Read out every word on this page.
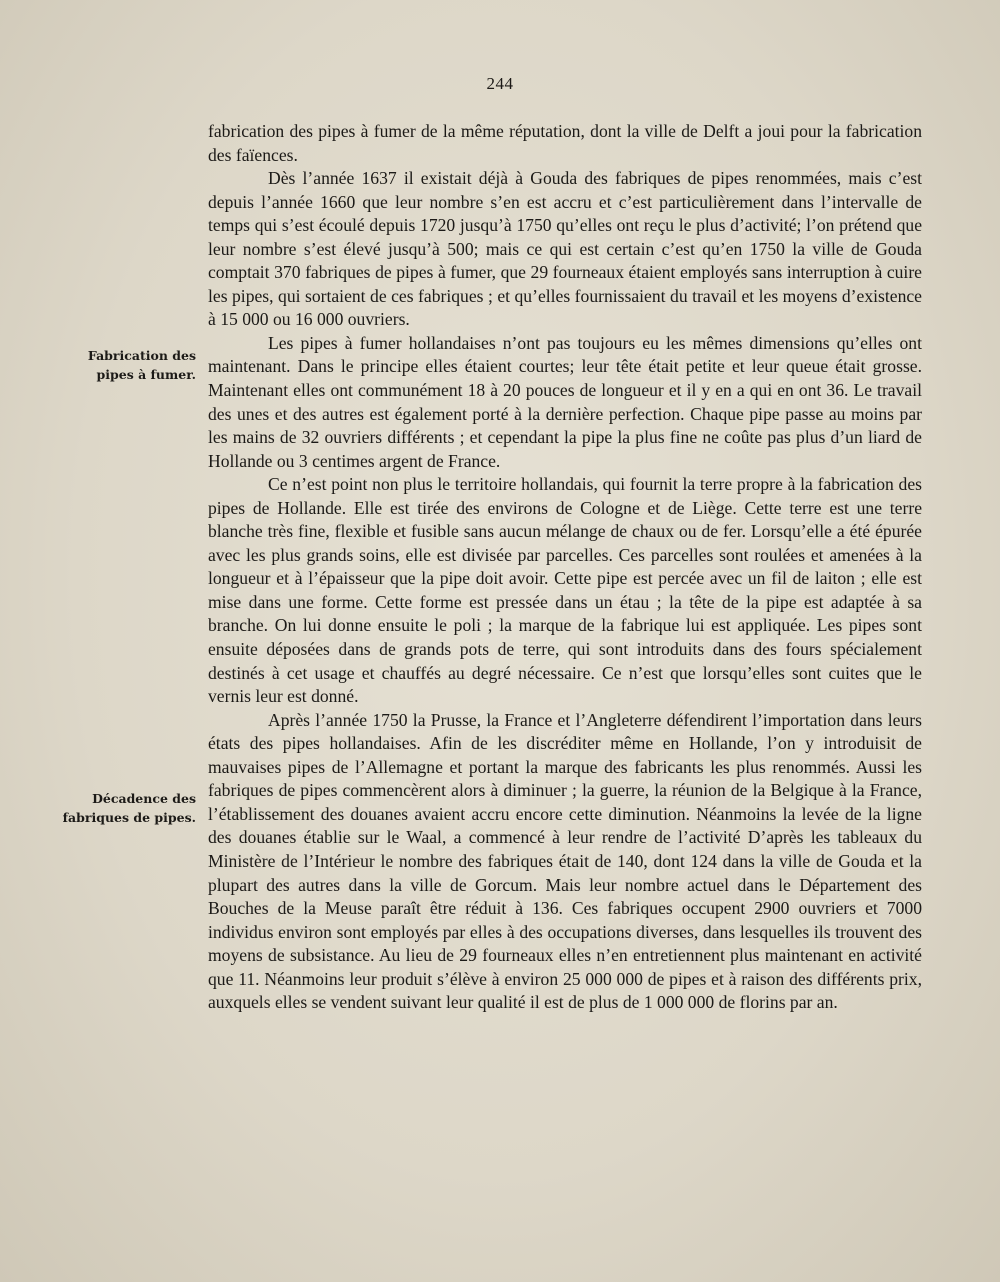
244
Fabrication des
pipes à fumer.
Décadence des
fabriques de pipes.

fabrication des pipes à fumer de la même réputation, dont la ville de Delft a joui pour la fabrication des faïences.

Dès l’année 1637 il existait déjà à Gouda des fabriques de pipes renommées, mais c’est depuis l’année 1660 que leur nombre s’en est accru et c’est particulièrement dans l’intervalle de temps qui s’est écoulé depuis 1720 jusqu’à 1750 qu’elles ont reçu le plus d’activité; l’on prétend que leur nombre s’est élevé jusqu’à 500; mais ce qui est certain c’est qu’en 1750 la ville de Gouda comptait 370 fabriques de pipes à fumer, que 29 fourneaux étaient employés sans interruption à cuire les pipes, qui sortaient de ces fabriques ; et qu’elles fournissaient du travail et les moyens d’existence à 15 000 ou 16 000 ouvriers.

Les pipes à fumer hollandaises n’ont pas toujours eu les mêmes dimensions qu’elles ont maintenant. Dans le principe elles étaient courtes; leur tête était petite et leur queue était grosse. Maintenant elles ont communément 18 à 20 pouces de longueur et il y en a qui en ont 36. Le travail des unes et des autres est également porté à la dernière perfection. Chaque pipe passe au moins par les mains de 32 ouvriers différents ; et cependant la pipe la plus fine ne coûte pas plus d’un liard de Hollande ou 3 centimes argent de France.

Ce n’est point non plus le territoire hollandais, qui fournit la terre propre à la fabrication des pipes de Hollande. Elle est tirée des environs de Cologne et de Liège. Cette terre est une terre blanche très fine, flexible et fusible sans aucun mélange de chaux ou de fer. Lorsqu’elle a été épurée avec les plus grands soins, elle est divisée par parcelles. Ces parcelles sont roulées et amenées à la longueur et à l’épaisseur que la pipe doit avoir. Cette pipe est percée avec un fil de laiton ; elle est mise dans une forme. Cette forme est pressée dans un étau ; la tête de la pipe est adaptée à sa branche. On lui donne ensuite le poli ; la marque de la fabrique lui est appliquée. Les pipes sont ensuite déposées dans de grands pots de terre, qui sont introduits dans des fours spécialement destinés à cet usage et chauffés au degré nécessaire. Ce n’est que lorsqu’elles sont cuites que le vernis leur est donné.

Après l’année 1750 la Prusse, la France et l’Angleterre défendirent l’importation dans leurs états des pipes hollandaises. Afin de les discréditer même en Hollande, l’on y introduisit de mauvaises pipes de l’Allemagne et portant la marque des fabricants les plus renommés. Aussi les fabriques de pipes commencèrent alors à diminuer ; la guerre, la réunion de la Belgique à la France, l’établissement des douanes avaient accru encore cette diminution. Néanmoins la levée de la ligne des douanes établie sur le Waal, a commencé à leur rendre de l’activité D’après les tableaux du Ministère de l’Intérieur le nombre des fabriques était de 140, dont 124 dans la ville de Gouda et la plupart des autres dans la ville de Gorcum. Mais leur nombre actuel dans le Département des Bouches de la Meuse paraît être réduit à 136. Ces fabriques occupent 2900 ouvriers et 7000 individus environ sont employés par elles à des occupations diverses, dans lesquelles ils trouvent des moyens de subsistance. Au lieu de 29 fourneaux elles n’en entretiennent plus maintenant en activité que 11. Néanmoins leur produit s’élève à environ 25 000 000 de pipes et à raison des différents prix, auxquels elles se vendent suivant leur qualité il est de plus de 1 000 000 de florins par an.
